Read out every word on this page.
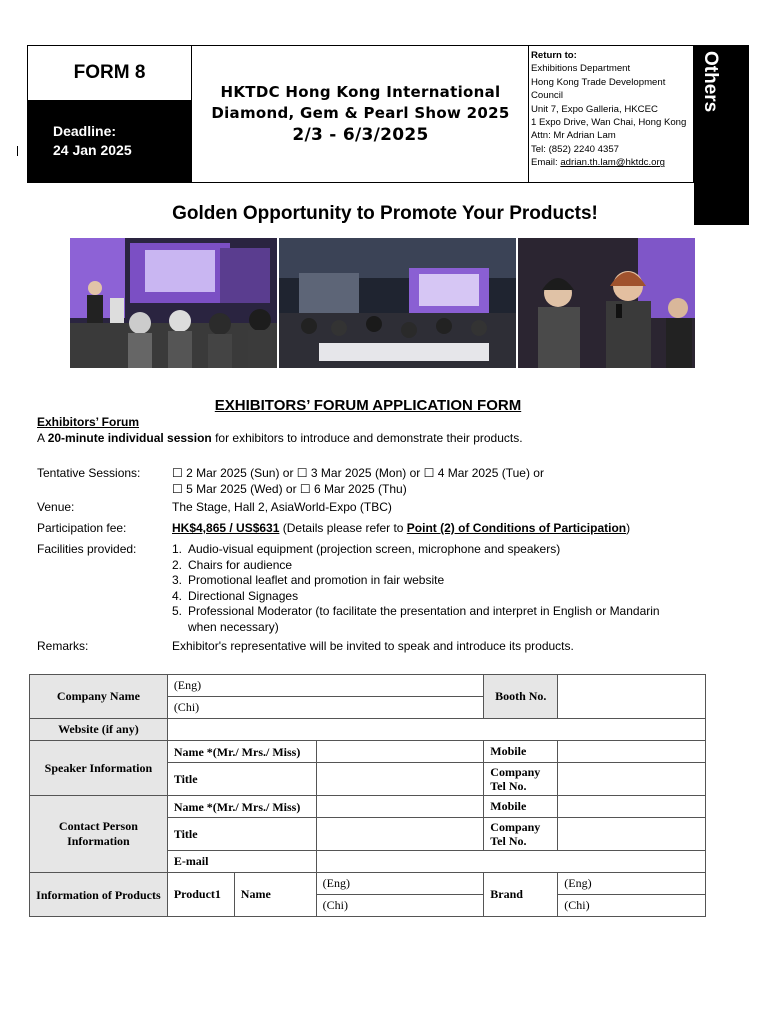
FORM 8
Deadline:
24 Jan 2025
HKTDC Hong Kong International
Diamond, Gem & Pearl Show 2025
2/3 - 6/3/2025
Return to:
Exhibitions Department
Hong Kong Trade Development Council
Unit 7, Expo Galleria, HKCEC
1 Expo Drive, Wan Chai, Hong Kong
Attn: Mr Adrian Lam
Tel: (852) 2240 4357
Email: adrian.th.lam@hktdc.org
Others
Golden Opportunity to Promote Your Products!
EXHIBITORS’ FORUM APPLICATION FORM
Exhibitors’ Forum
A 20-minute individual session for exhibitors to introduce and demonstrate their products.
Tentative Sessions:	☐ 2 Mar 2025 (Sun) or ☐ 3 Mar 2025 (Mon) or ☐ 4 Mar 2025 (Tue) or
☐ 5 Mar 2025 (Wed) or ☐ 6 Mar 2025 (Thu)
Venue:	The Stage, Hall 2, AsiaWorld-Expo (TBC)
Participation fee:	HK$4,865 / US$631 (Details please refer to Point (2) of Conditions of Participation)
Facilities provided:	1. Audio-visual equipment (projection screen, microphone and speakers)
2. Chairs for audience
3. Promotional leaflet and promotion in fair website
4. Directional Signages
5. Professional Moderator (to facilitate the presentation and interpret in English or Mandarin when necessary)
Remarks:	Exhibitor's representative will be invited to speak and introduce its products.
Company Name	(Eng)			Booth No.	
	(Chi)				
Website (if any)					
Speaker Information	Name *(Mr./ Mrs./ Miss)			Mobile	
	Title			Company Tel No.	
Contact Person Information	Name *(Mr./ Mrs./ Miss)			Mobile	
	Title			Company Tel No.	
	E-mail				
Information of Products	Product1	Name	(Eng)	Brand	(Eng)
			(Chi)		(Chi)
